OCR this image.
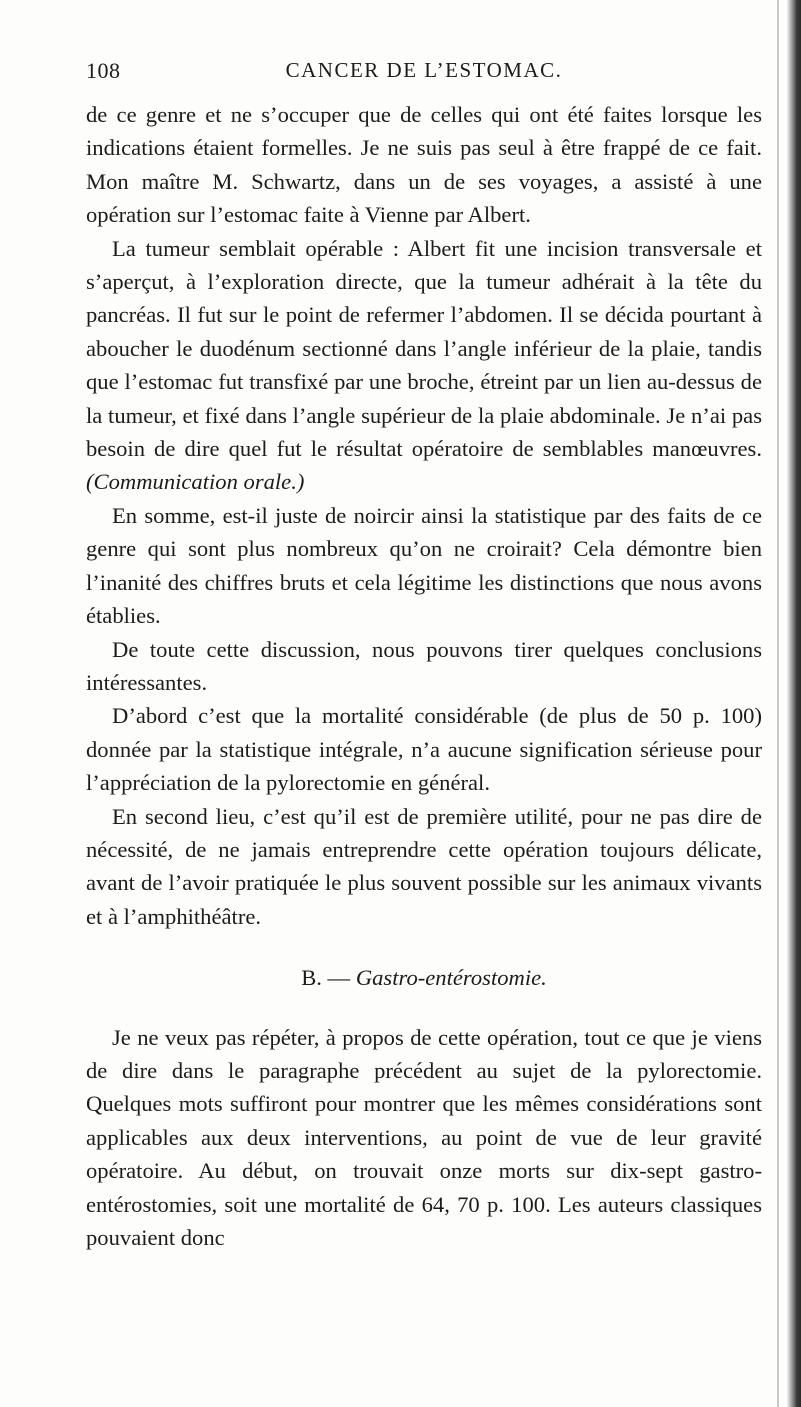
108	CANCER DE L’ESTOMAC.

de ce genre et ne s’occuper que de celles qui ont été faites lorsque les indications étaient formelles. Je ne suis pas seul à être frappé de ce fait. Mon maître M. Schwartz, dans un de ses voyages, a assisté à une opération sur l’estomac faite à Vienne par Albert.

La tumeur semblait opérable : Albert fit une incision transversale et s’aperçut, à l’exploration directe, que la tumeur adhérait à la tête du pancréas. Il fut sur le point de refermer l’abdomen. Il se décida pourtant à aboucher le duodénum sectionné dans l’angle inférieur de la plaie, tandis que l’estomac fut transfixé par une broche, étreint par un lien au-dessus de la tumeur, et fixé dans l’angle supérieur de la plaie abdominale. Je n’ai pas besoin de dire quel fut le résultat opératoire de semblables manœuvres. (Communication orale.)

En somme, est-il juste de noircir ainsi la statistique par des faits de ce genre qui sont plus nombreux qu’on ne croirait? Cela démontre bien l’inanité des chiffres bruts et cela légitime les distinctions que nous avons établies.

De toute cette discussion, nous pouvons tirer quelques conclusions intéressantes.

D’abord c’est que la mortalité considérable (de plus de 50 p. 100) donnée par la statistique intégrale, n’a aucune signification sérieuse pour l’appréciation de la pylorectomie en général.

En second lieu, c’est qu’il est de première utilité, pour ne pas dire de nécessité, de ne jamais entreprendre cette opération toujours délicate, avant de l’avoir pratiquée le plus souvent possible sur les animaux vivants et à l’amphithéâtre.

B. — Gastro-entérostomie.

Je ne veux pas répéter, à propos de cette opération, tout ce que je viens de dire dans le paragraphe précédent au sujet de la pylorectomie. Quelques mots suffiront pour montrer que les mêmes considérations sont applicables aux deux interventions, au point de vue de leur gravité opératoire. Au début, on trouvait onze morts sur dix-sept gastro-entérostomies, soit une mortalité de 64, 70 p. 100. Les auteurs classiques pouvaient donc
